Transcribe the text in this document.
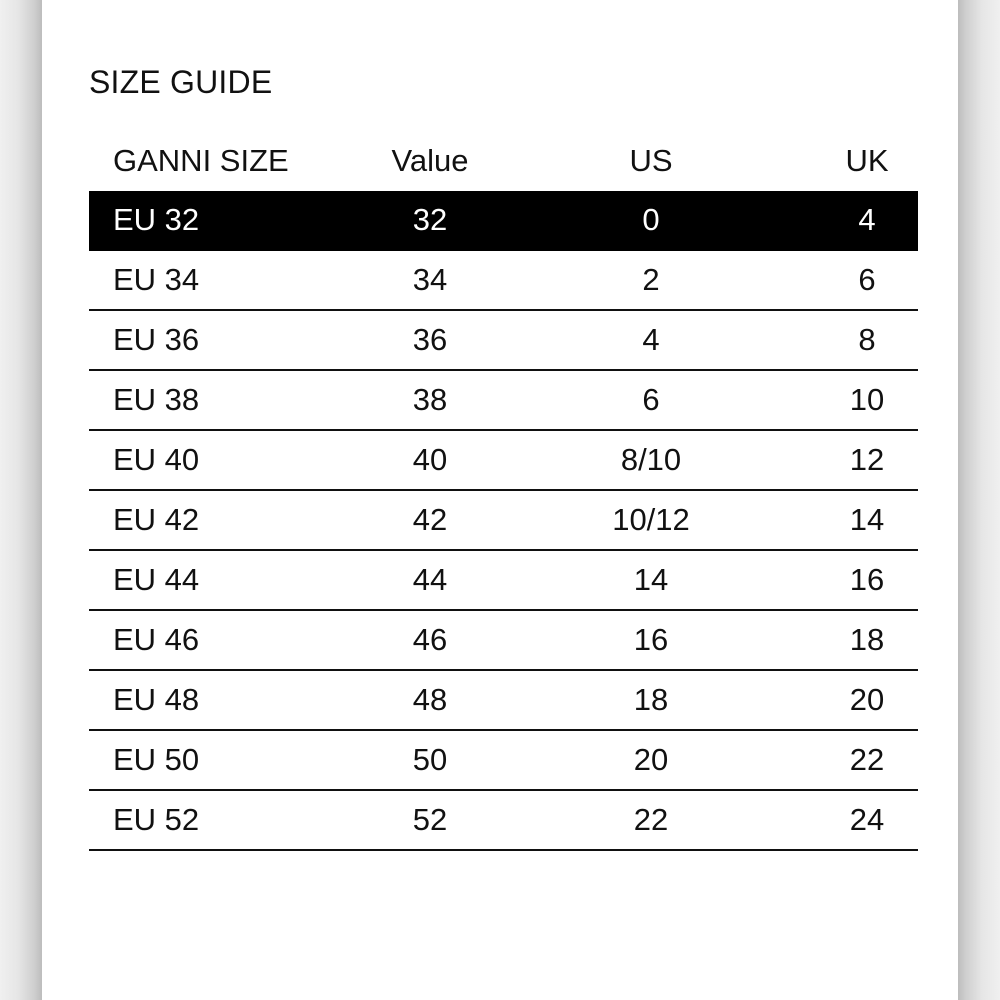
SIZE GUIDE
GANNI SIZE	Value	US	UK	
EU 32	32	0	4	
EU 34	34	2	6	
EU 36	36	4	8	
EU 38	38	6	10	
EU 40	40	8/10	12	
EU 42	42	10/12	14	
EU 44	44	14	16	
EU 46	46	16	18	
EU 48	48	18	20	
EU 50	50	20	22	
EU 52	52	22	24	
